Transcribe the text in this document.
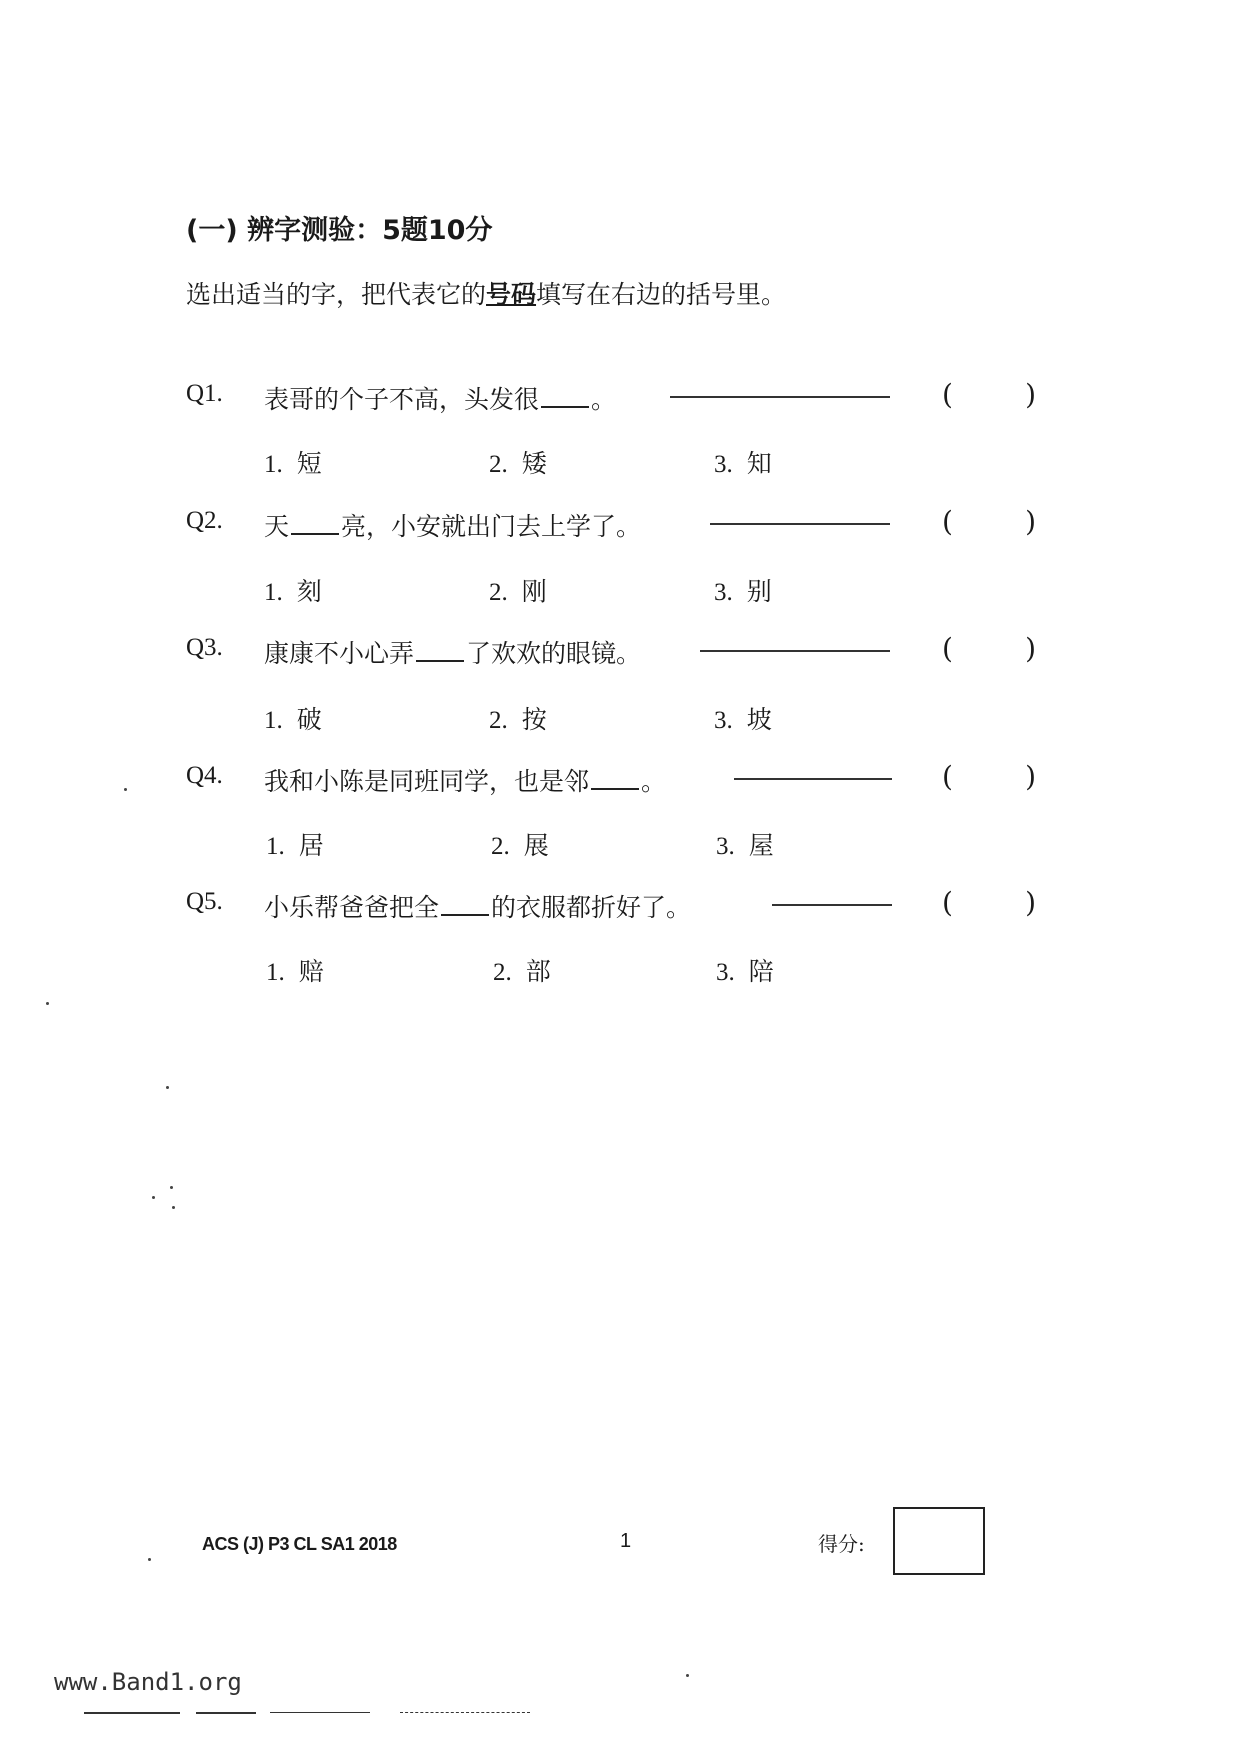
(一) 辨字测验：5题10分
选出适当的字，把代表它的号码填写在右边的括号里。
Q1. 表哥的个子不高，头发很 。	(	)
1. 短	2. 矮	3. 知
Q2. 天 亮，小安就出门去上学了。	(	)
1. 刻	2. 刚	3. 别
Q3. 康康不小心弄 了欢欢的眼镜。	(	)
1. 破	2. 按	3. 坡
Q4. 我和小陈是同班同学，也是邻 。	(	)
1. 居	2. 展	3. 屋
Q5. 小乐帮爸爸把全 的衣服都折好了。	(	)
1. 赔	2. 部	3. 陪
ACS (J) P3 CL SA1 2018	1	得分:
www.Band1.org
